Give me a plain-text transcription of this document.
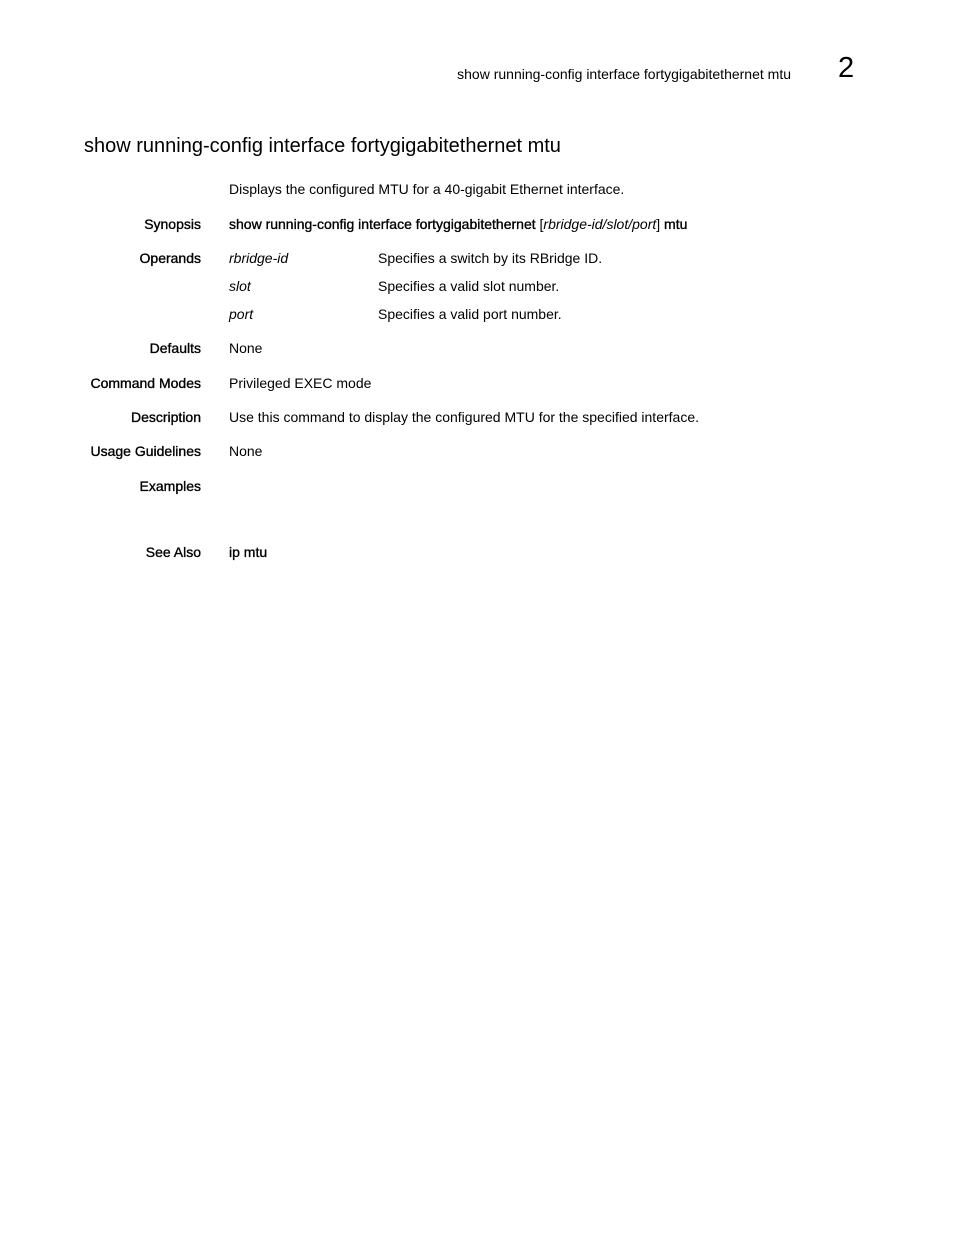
show running-config interface fortygigabitethernet mtu 2
show running-config interface fortygigabitethernet mtu
Displays the configured MTU for a 40-gigabit Ethernet interface.
Synopsis show running-config interface fortygigabitethernet [rbridge-id/slot/port] mtu
Operands rbridge-id	Specifies a switch by its RBridge ID.
slot	Specifies a valid slot number.
port	Specifies a valid port number.
Defaults None
Command Modes Privileged EXEC mode
Description Use this command to display the configured MTU for the specified interface.
Usage Guidelines None
Examples
See Also ip mtu
